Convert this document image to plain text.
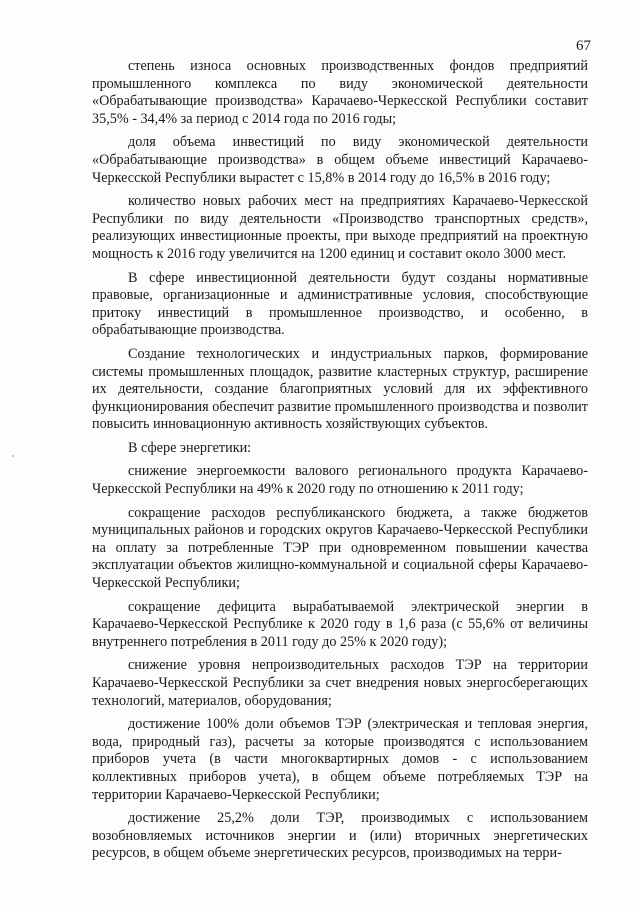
67

степень износа основных производственных фондов предприятий промышленного комплекса по виду экономической деятельности «Обрабатывающие производства» Карачаево-Черкесской Республики составит 35,5% - 34,4% за период с 2014 года по 2016 годы;

доля объема инвестиций по виду экономической деятельности «Обрабатывающие производства» в общем объеме инвестиций Карачаево-Черкесской Республики вырастет с 15,8% в 2014 году до 16,5% в 2016 году;

количество новых рабочих мест на предприятиях Карачаево-Черкесской Республики по виду деятельности «Производство транспортных средств», реализующих инвестиционные проекты, при выходе предприятий на проектную мощность к 2016 году увеличится на 1200 единиц и составит около 3000 мест.

В сфере инвестиционной деятельности будут созданы нормативные правовые, организационные и административные условия, способствующие притоку инвестиций в промышленное производство, и особенно, в обрабатывающие производства.

Создание технологических и индустриальных парков, формирование системы промышленных площадок, развитие кластерных структур, расширение их деятельности, создание благоприятных условий для их эффективного функционирования обеспечит развитие промышленного производства и позволит повысить инновационную активность хозяйствующих субъектов.

В сфере энергетики:

снижение энергоемкости валового регионального продукта Карачаево-Черкесской Республики на 49% к 2020 году по отношению к 2011 году;

сокращение расходов республиканского бюджета, а также бюджетов муниципальных районов и городских округов Карачаево-Черкесской Республики на оплату за потребленные ТЭР при одновременном повышении качества эксплуатации объектов жилищно-коммунальной и социальной сферы Карачаево-Черкесской Республики;

сокращение дефицита вырабатываемой электрической энергии в Карачаево-Черкесской Республике к 2020 году в 1,6 раза (с 55,6% от величины внутреннего потребления в 2011 году до 25% к 2020 году);

снижение уровня непроизводительных расходов ТЭР на территории Карачаево-Черкесской Республики за счет внедрения новых энергосберегающих технологий, материалов, оборудования;

достижение 100% доли объемов ТЭР (электрическая и тепловая энергия, вода, природный газ), расчеты за которые производятся с использованием приборов учета (в части многоквартирных домов - с использованием коллективных приборов учета), в общем объеме потребляемых ТЭР на территории Карачаево-Черкесской Республики;

достижение 25,2% доли ТЭР, производимых с использованием возобновляемых источников энергии и (или) вторичных энергетических ресурсов, в общем объеме энергетических ресурсов, производимых на терри-
